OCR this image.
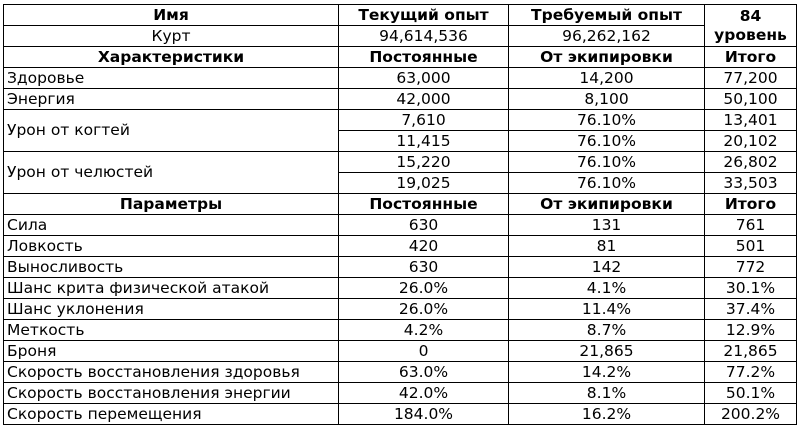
Имя	Текущий опыт	Требуемый опыт	84
уровень

Курт	94,614,536	96,262,162	
Характеристики	Постоянные	От экипировки	Итого
Здоровье	63,000	14,200	77,200
Энергия	42,000	8,100	50,100
Урон от когтей	7,610	76.10%	13,401
	11,415	76.10%	20,102
Урон от челюстей	15,220	76.10%	26,802
	19,025	76.10%	33,503
Параметры	Постоянные	От экипировки	Итого
Сила	630	131	761
Ловкость	420	81	501
Выносливость	630	142	772
Шанс крита физической атакой	26.0%	4.1%	30.1%
Шанс уклонения	26.0%	11.4%	37.4%
Меткость	4.2%	8.7%	12.9%
Броня	0	21,865	21,865
Скорость восстановления здоровья	63.0%	14.2%	77.2%
Скорость восстановления энергии	42.0%	8.1%	50.1%
Скорость перемещения	184.0%	16.2%	200.2%
